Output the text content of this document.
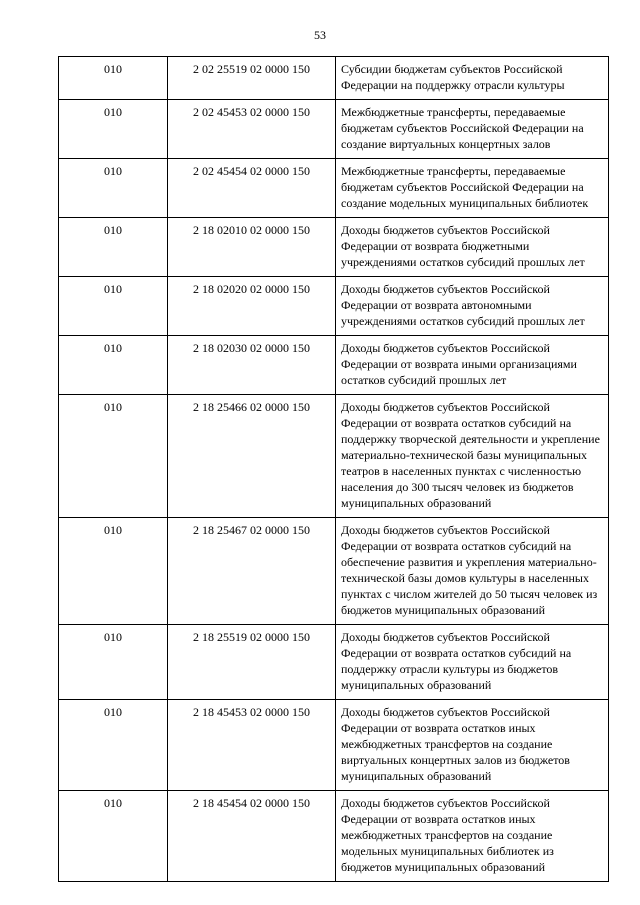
53
010	2 02 25519 02 0000 150	Субсидии бюджетам субъектов Российской Федерации на поддержку отрасли культуры
010	2 02 45453 02 0000 150	Межбюджетные трансферты, передаваемые бюджетам субъектов Российской Федерации на создание виртуальных концертных залов
010	2 02 45454 02 0000 150	Межбюджетные трансферты, передаваемые бюджетам субъектов Российской Федерации на создание модельных муниципальных библиотек
010	2 18 02010 02 0000 150	Доходы бюджетов субъектов Российской Федерации от возврата бюджетными учреждениями остатков субсидий прошлых лет
010	2 18 02020 02 0000 150	Доходы бюджетов субъектов Российской Федерации от возврата автономными учреждениями остатков субсидий прошлых лет
010	2 18 02030 02 0000 150	Доходы бюджетов субъектов Российской Федерации от возврата иными организациями остатков субсидий прошлых лет
010	2 18 25466 02 0000 150	Доходы бюджетов субъектов Российской Федерации от возврата остатков субсидий на поддержку творческой деятельности и укрепление материально-технической базы муниципальных театров в населенных пунктах с численностью населения до 300 тысяч человек из бюджетов муниципальных образований
010	2 18 25467 02 0000 150	Доходы бюджетов субъектов Российской Федерации от возврата остатков субсидий на обеспечение развития и укрепления материально-технической базы домов культуры в населенных пунктах с числом жителей до 50 тысяч человек из бюджетов муниципальных образований
010	2 18 25519 02 0000 150	Доходы бюджетов субъектов Российской Федерации от возврата остатков субсидий на поддержку отрасли культуры из бюджетов муниципальных образований
010	2 18 45453 02 0000 150	Доходы бюджетов субъектов Российской Федерации от возврата остатков иных межбюджетных трансфертов на создание виртуальных концертных залов из бюджетов муниципальных образований
010	2 18 45454 02 0000 150	Доходы бюджетов субъектов Российской Федерации от возврата остатков иных межбюджетных трансфертов на создание модельных муниципальных библиотек из бюджетов муниципальных образований
